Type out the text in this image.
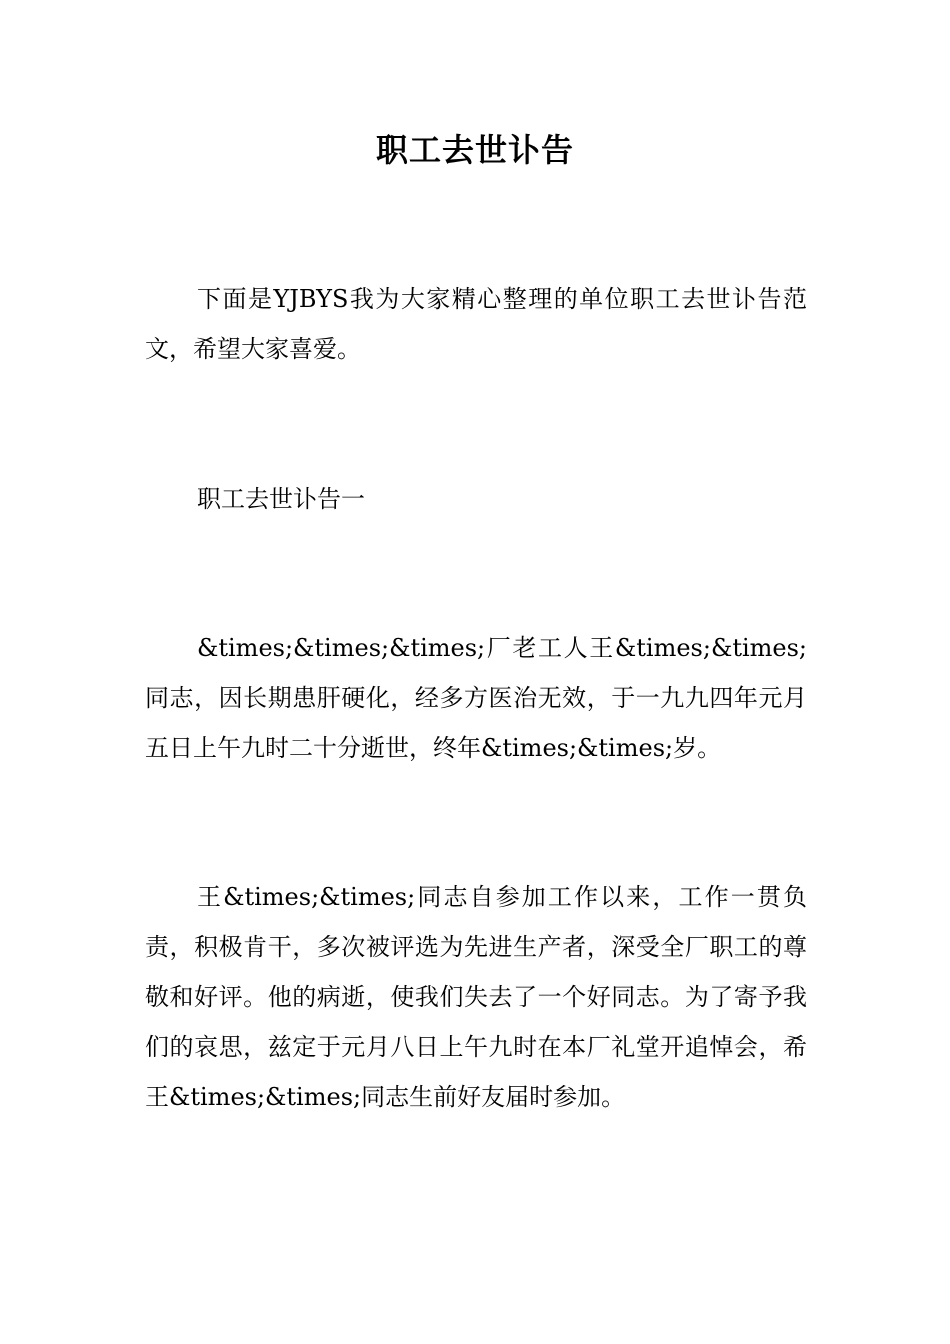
职工去世讣告

下面是YJBYS我为大家精心整理的单位职工去世讣告范文，希望大家喜爱。

职工去世讣告一

&times;&times;&times;厂老工人王&times;&times;同志，因长期患肝硬化，经多方医治无效，于一九九四年元月五日上午九时二十分逝世，终年&times;&times;岁。

王&times;&times;同志自参加工作以来，工作一贯负责，积极肯干，多次被评选为先进生产者，深受全厂职工的尊敬和好评。他的病逝，使我们失去了一个好同志。为了寄予我们的哀思，兹定于元月八日上午九时在本厂礼堂开追悼会，希王&times;&times;同志生前好友届时参加。
